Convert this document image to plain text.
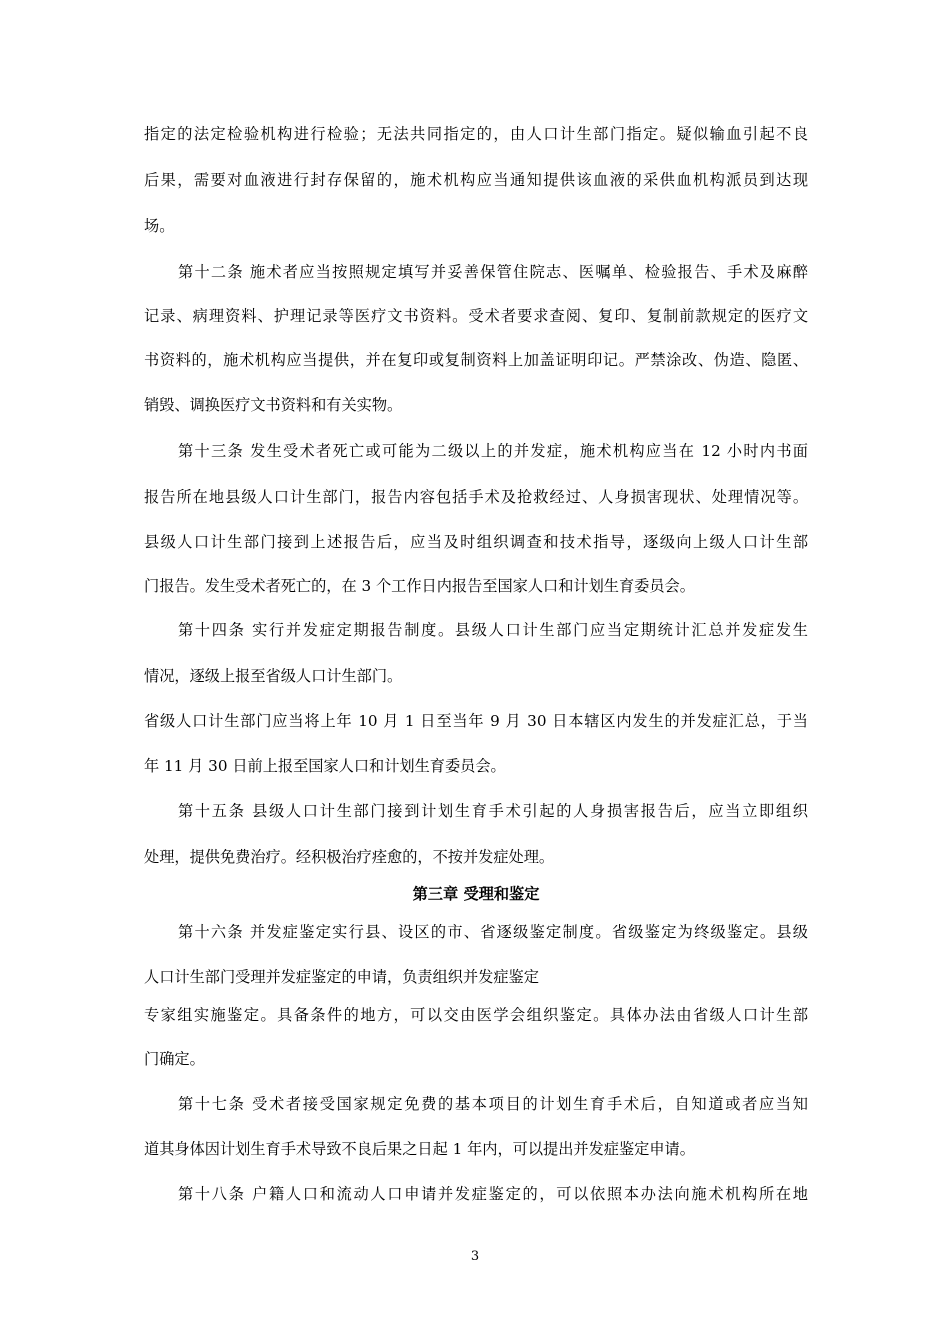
指定的法定检验机构进行检验；无法共同指定的，由人口计生部门指定。疑似输血引起不良
后果，需要对血液进行封存保留的，施术机构应当通知提供该血液的采供血机构派员到达现
场。
第十二条 施术者应当按照规定填写并妥善保管住院志、医嘱单、检验报告、手术及麻醉
记录、病理资料、护理记录等医疗文书资料。受术者要求查阅、复印、复制前款规定的医疗文
书资料的，施术机构应当提供，并在复印或复制资料上加盖证明印记。严禁涂改、伪造、隐匿、
销毁、调换医疗文书资料和有关实物。
第十三条 发生受术者死亡或可能为二级以上的并发症，施术机构应当在 12 小时内书面
报告所在地县级人口计生部门，报告内容包括手术及抢救经过、人身损害现状、处理情况等。
县级人口计生部门接到上述报告后，应当及时组织调查和技术指导，逐级向上级人口计生部
门报告。发生受术者死亡的，在 3 个工作日内报告至国家人口和计划生育委员会。
第十四条 实行并发症定期报告制度。县级人口计生部门应当定期统计汇总并发症发生
情况，逐级上报至省级人口计生部门。
省级人口计生部门应当将上年 10 月 1 日至当年 9 月 30 日本辖区内发生的并发症汇总，于当
年 11 月 30 日前上报至国家人口和计划生育委员会。
第十五条 县级人口计生部门接到计划生育手术引起的人身损害报告后，应当立即组织
处理，提供免费治疗。经积极治疗痊愈的，不按并发症处理。
第三章 受理和鉴定
第十六条 并发症鉴定实行县、设区的市、省逐级鉴定制度。省级鉴定为终级鉴定。县级
人口计生部门受理并发症鉴定的申请，负责组织并发症鉴定
专家组实施鉴定。具备条件的地方，可以交由医学会组织鉴定。具体办法由省级人口计生部
门确定。
第十七条 受术者接受国家规定免费的基本项目的计划生育手术后，自知道或者应当知
道其身体因计划生育手术导致不良后果之日起 1 年内，可以提出并发症鉴定申请。
第十八条 户籍人口和流动人口申请并发症鉴定的，可以依照本办法向施术机构所在地
3
